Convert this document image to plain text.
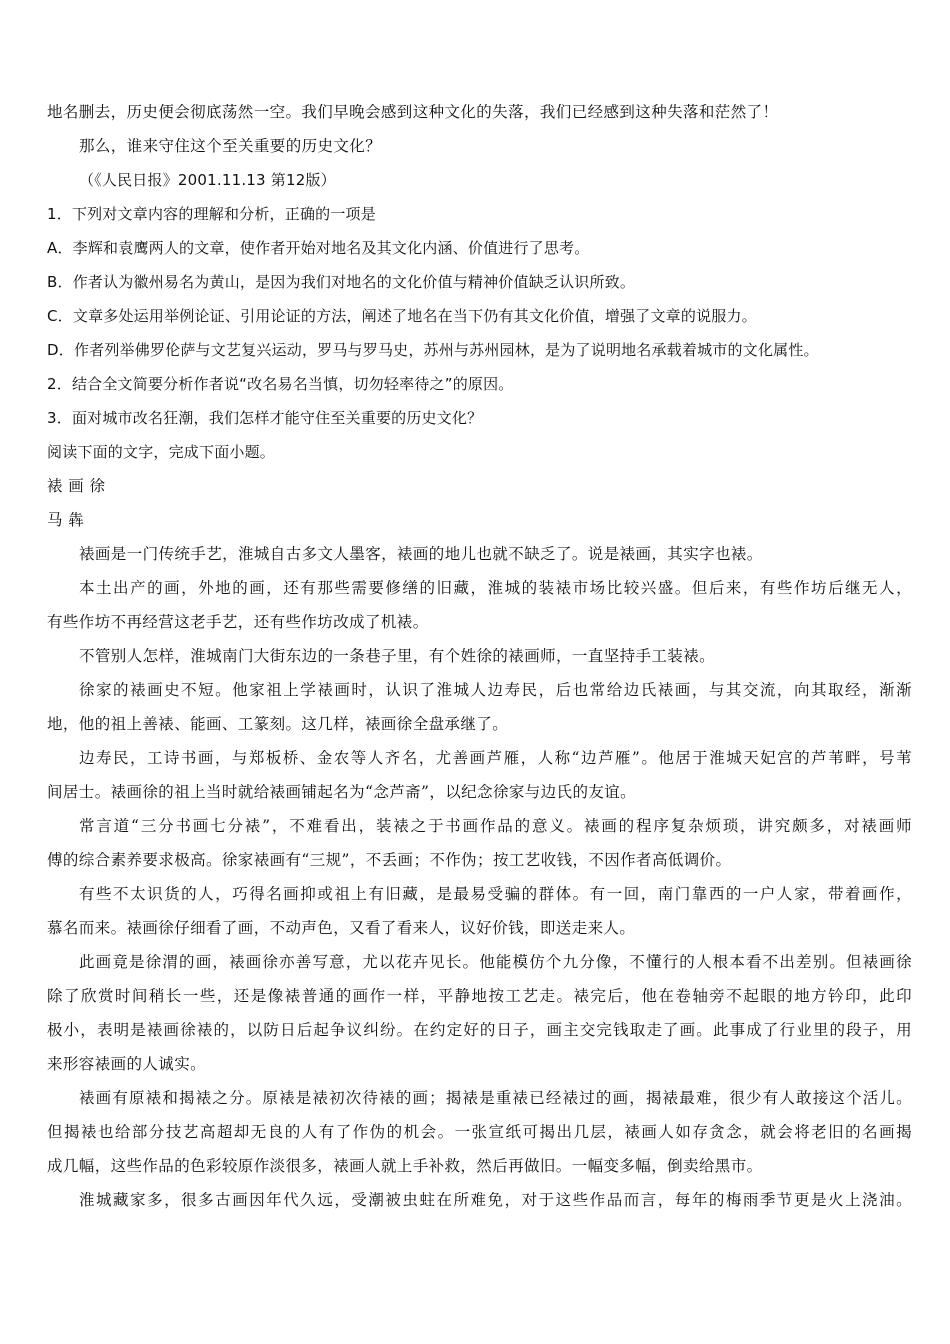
地名删去，历史便会彻底荡然一空。我们早晚会感到这种文化的失落，我们已经感到这种失落和茫然了！
那么，谁来守住这个至关重要的历史文化？
（《人民日报》2001.11.13 第12版）
1．下列对文章内容的理解和分析，正确的一项是
A．李辉和袁鹰两人的文章，使作者开始对地名及其文化内涵、价值进行了思考。
B．作者认为徽州易名为黄山，是因为我们对地名的文化价值与精神价值缺乏认识所致。
C．文章多处运用举例论证、引用论证的方法，阐述了地名在当下仍有其文化价值，增强了文章的说服力。
D．作者列举佛罗伦萨与文艺复兴运动，罗马与罗马史，苏州与苏州园林，是为了说明地名承载着城市的文化属性。
2．结合全文简要分析作者说“改名易名当慎，切勿轻率待之”的原因。
3．面对城市改名狂潮，我们怎样才能守住至关重要的历史文化？
阅读下面的文字，完成下面小题。
裱 画 徐
马 犇
裱画是一门传统手艺，淮城自古多文人墨客，裱画的地儿也就不缺乏了。说是裱画，其实字也裱。
本土出产的画，外地的画，还有那些需要修缮的旧藏，淮城的装裱市场比较兴盛。但后来，有些作坊后继无人，
有些作坊不再经营这老手艺，还有些作坊改成了机裱。
不管别人怎样，淮城南门大街东边的一条巷子里，有个姓徐的裱画师，一直坚持手工装裱。
徐家的裱画史不短。他家祖上学裱画时，认识了淮城人边寿民，后也常给边氏裱画，与其交流，向其取经，渐渐
地，他的祖上善裱、能画、工篆刻。这几样，裱画徐全盘承继了。
边寿民，工诗书画，与郑板桥、金农等人齐名，尤善画芦雁，人称“边芦雁”。他居于淮城天妃宫的芦苇畔，号苇
间居士。裱画徐的祖上当时就给裱画铺起名为“念芦斋”，以纪念徐家与边氏的友谊。
常言道“三分书画七分裱”，不难看出，装裱之于书画作品的意义。裱画的程序复杂烦琐，讲究颇多，对裱画师
傅的综合素养要求极高。徐家裱画有“三规”，不丢画；不作伪；按工艺收钱，不因作者高低调价。
有些不太识货的人，巧得名画抑或祖上有旧藏，是最易受骗的群体。有一回，南门靠西的一户人家，带着画作，
慕名而来。裱画徐仔细看了画，不动声色，又看了看来人，议好价钱，即送走来人。
此画竟是徐渭的画，裱画徐亦善写意，尤以花卉见长。他能模仿个九分像，不懂行的人根本看不出差别。但裱画徐
除了欣赏时间稍长一些，还是像裱普通的画作一样，平静地按工艺走。裱完后，他在卷轴旁不起眼的地方钤印，此印
极小，表明是裱画徐裱的，以防日后起争议纠纷。在约定好的日子，画主交完钱取走了画。此事成了行业里的段子，用
来形容裱画的人诚实。
裱画有原裱和揭裱之分。原裱是裱初次待裱的画；揭裱是重裱已经裱过的画，揭裱最难，很少有人敢接这个活儿。
但揭裱也给部分技艺高超却无良的人有了作伪的机会。一张宣纸可揭出几层，裱画人如存贪念，就会将老旧的名画揭
成几幅，这些作品的色彩较原作淡很多，裱画人就上手补救，然后再做旧。一幅变多幅，倒卖给黑市。
淮城藏家多，很多古画因年代久远，受潮被虫蛀在所难免，对于这些作品而言，每年的梅雨季节更是火上浇油。
